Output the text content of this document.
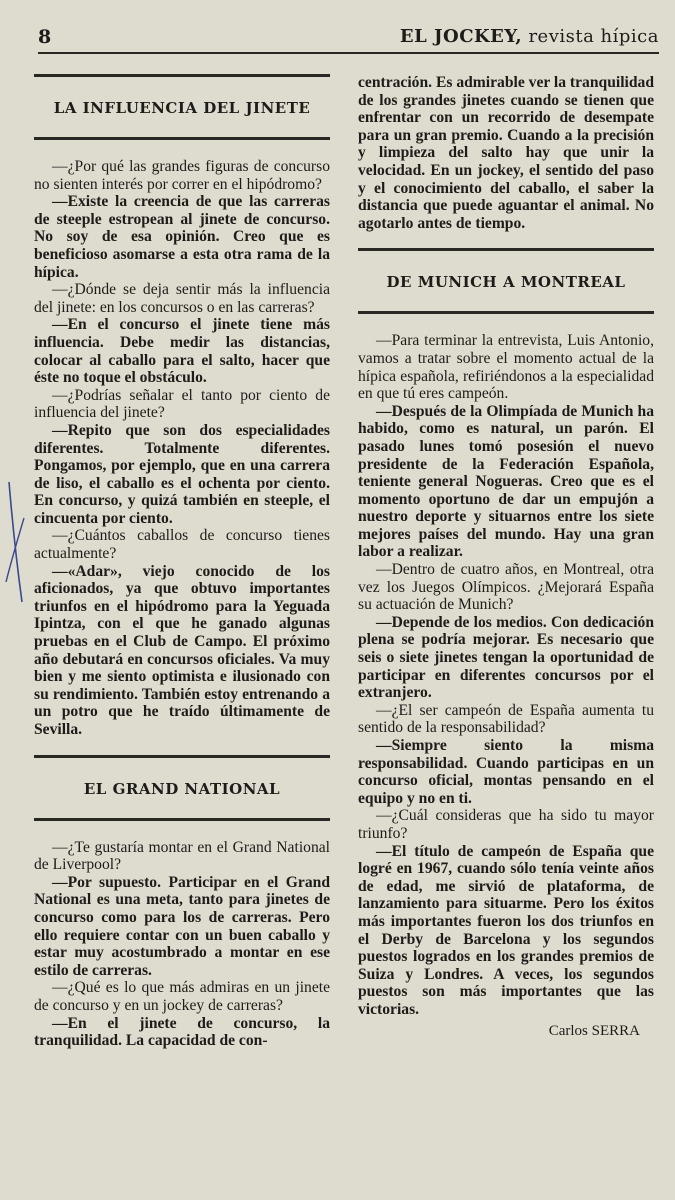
8	EL JOCKEY, revista hípica
LA INFLUENCIA DEL JINETE

—¿Por qué las grandes figuras de concurso no sienten interés por correr en el hipódromo?

—Existe la creencia de que las carreras de steeple estropean al jinete de concurso. No soy de esa opinión. Creo que es beneficioso asomarse a esta otra rama de la hípica.

—¿Dónde se deja sentir más la influencia del jinete: en los concursos o en las carreras?

—En el concurso el jinete tiene más influencia. Debe medir las distancias, colocar al caballo para el salto, hacer que éste no toque el obstáculo.

—¿Podrías señalar el tanto por ciento de influencia del jinete?

—Repito que son dos especialidades diferentes. Totalmente diferentes. Pongamos, por ejemplo, que en una carrera de liso, el caballo es el ochenta por ciento. En concurso, y quizá también en steeple, el cincuenta por ciento.

—¿Cuántos caballos de concurso tienes actualmente?

—«Adar», viejo conocido de los aficionados, ya que obtuvo importantes triunfos en el hipódromo para la Yeguada Ipintza, con el que he ganado algunas pruebas en el Club de Campo. El próximo año debutará en concursos oficiales. Va muy bien y me siento optimista e ilusionado con su rendimiento. También estoy entrenando a un potro que he traído últimamente de Sevilla.

EL GRAND NATIONAL

—¿Te gustaría montar en el Grand National de Liverpool?

—Por supuesto. Participar en el Grand National es una meta, tanto para jinetes de concurso como para los de carreras. Pero ello requiere contar con un buen caballo y estar muy acostumbrado a montar en ese estilo de carreras.

—¿Qué es lo que más admiras en un jinete de concurso y en un jockey de carreras?

—En el jinete de concurso, la tranquilidad. La capacidad de con-

centración. Es admirable ver la tranquilidad de los grandes jinetes cuando se tienen que enfrentar con un recorrido de desempate para un gran premio. Cuando a la precisión y limpieza del salto hay que unir la velocidad. En un jockey, el sentido del paso y el conocimiento del caballo, el saber la distancia que puede aguantar el animal. No agotarlo antes de tiempo.

DE MUNICH A MONTREAL

—Para terminar la entrevista, Luis Antonio, vamos a tratar sobre el momento actual de la hípica española, refiriéndonos a la especialidad en que tú eres campeón.

—Después de la Olimpíada de Munich ha habido, como es natural, un parón. El pasado lunes tomó posesión el nuevo presidente de la Federación Española, teniente general Nogueras. Creo que es el momento oportuno de dar un empujón a nuestro deporte y situarnos entre los siete mejores países del mundo. Hay una gran labor a realizar.

—Dentro de cuatro años, en Montreal, otra vez los Juegos Olímpicos. ¿Mejorará España su actuación de Munich?

—Depende de los medios. Con dedicación plena se podría mejorar. Es necesario que seis o siete jinetes tengan la oportunidad de participar en diferentes concursos por el extranjero.

—¿El ser campeón de España aumenta tu sentido de la responsabilidad?

—Siempre siento la misma responsabilidad. Cuando participas en un concurso oficial, montas pensando en el equipo y no en ti.

—¿Cuál consideras que ha sido tu mayor triunfo?

—El título de campeón de España que logré en 1967, cuando sólo tenía veinte años de edad, me sirvió de plataforma, de lanzamiento para situarme. Pero los éxitos más importantes fueron los dos triunfos en el Derby de Barcelona y los segundos puestos logrados en los grandes premios de Suiza y Londres. A veces, los segundos puestos son más importantes que las victorias.

Carlos SERRA
